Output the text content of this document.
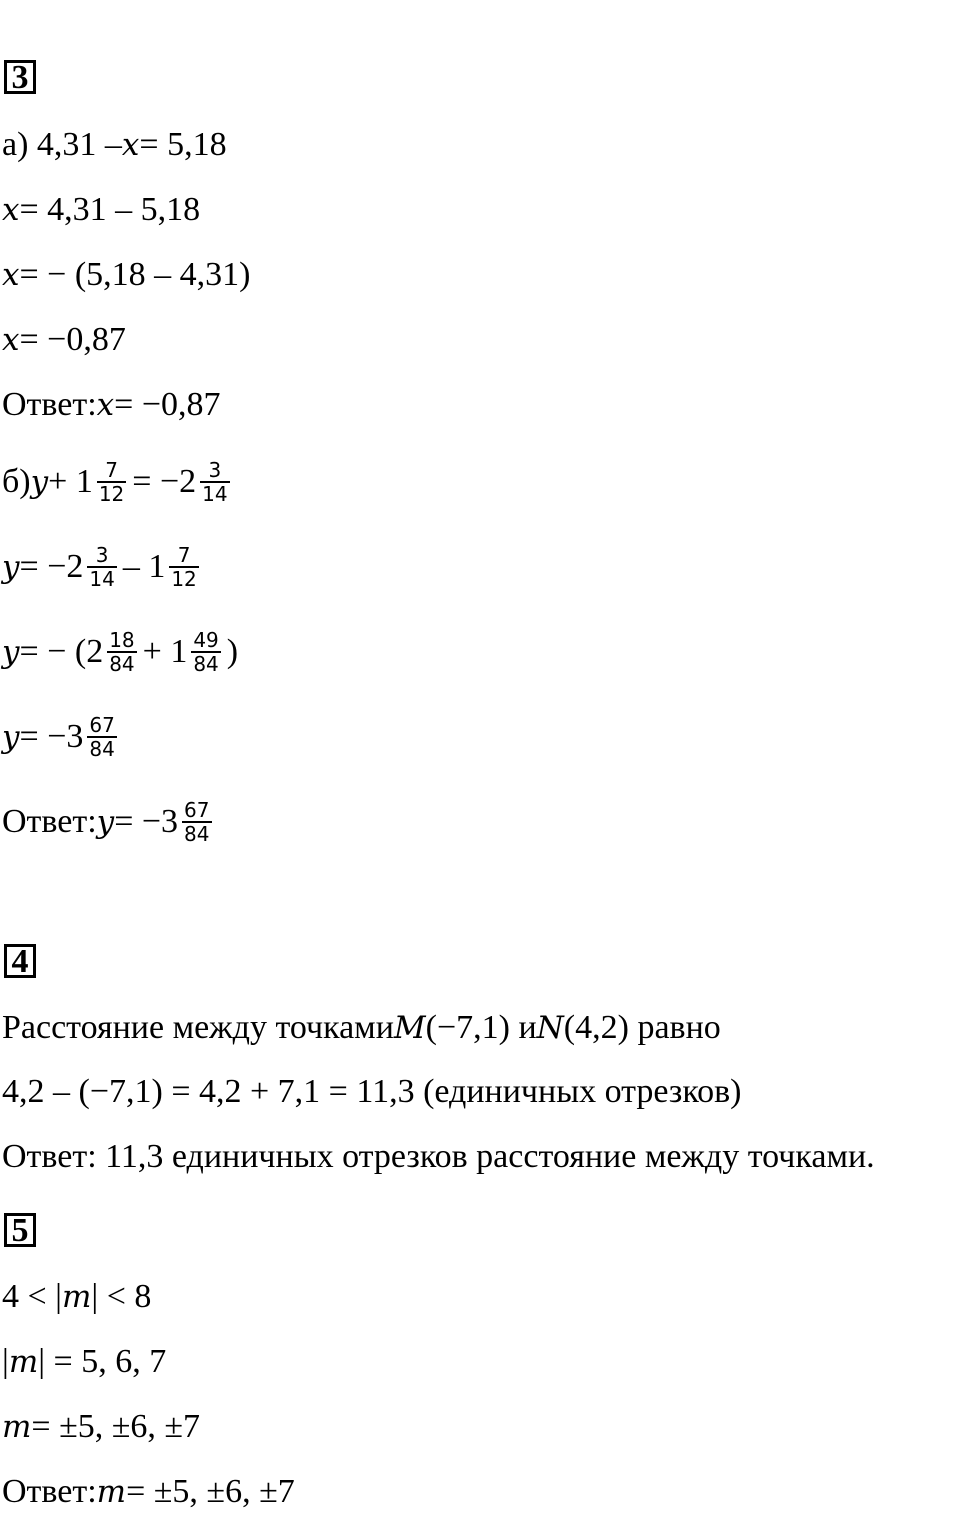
3
а) 4,31 – x = 5,18
x = 4,31 – 5,18
x = − (5,18 – 4,31)
x = −0,87
Ответ: x = −0,87
б) $y + 1 \frac{7}{12} = -2 \frac{3}{14}$
$y = -2 \frac{3}{14} - 1 \frac{7}{12}$
y = − ($2 \frac{18}{84} + 1 \frac{49}{84}$ )
$y = -3 \frac{67}{84}$
Ответ: $y = -3 \frac{67}{84}$
4
Расстояние между точками M (−7,1) и N (4,2) равно
4,2 – (−7,1) = 4,2 + 7,1 = 11,3 (единичных отрезков)
Ответ: 11,3 единичных отрезков расстояние между точками.
5
4 < | m | < 8
| m | = 5, 6, 7
m = ±5, ±6, ±7
Ответ: m = ±5, ±6, ±7
